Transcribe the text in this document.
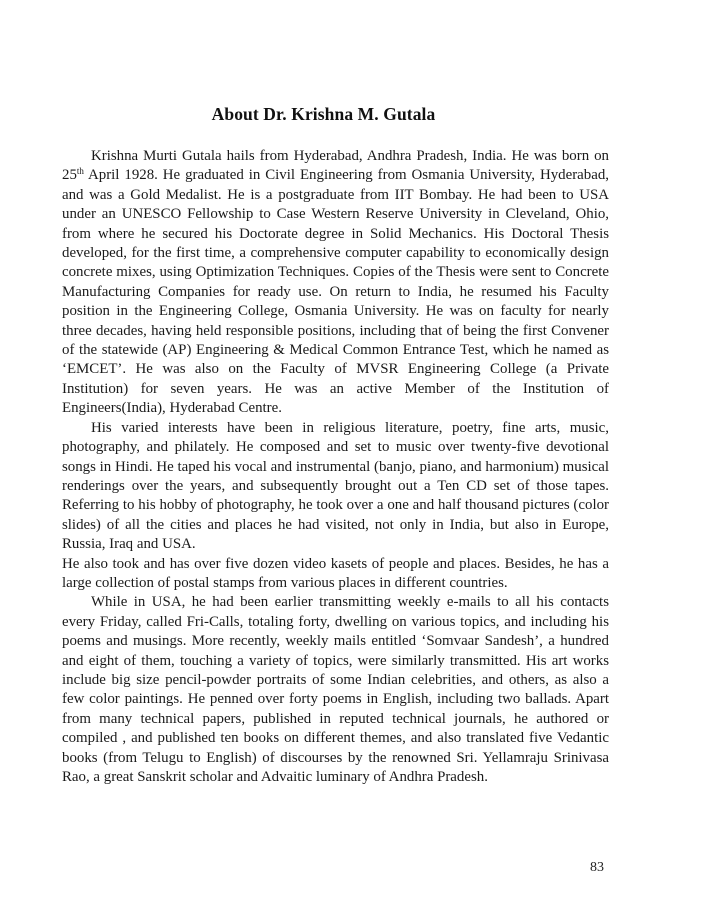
About Dr. Krishna M. Gutala

Krishna Murti Gutala hails from Hyderabad, Andhra Pradesh, India. He was born on 25th April 1928. He graduated in Civil Engineering from Osmania University, Hyderabad, and was a Gold Medalist. He is a postgraduate from IIT Bombay. He had been to USA under an UNESCO Fellowship to Case Western Reserve University in Cleveland, Ohio, from where he secured his Doctorate degree in Solid Mechanics. His Doctoral Thesis developed, for the first time, a comprehensive computer capability to economically design concrete mixes, using Optimization Techniques. Copies of the Thesis were sent to Concrete Manufacturing Companies for ready use. On return to India, he resumed his Faculty position in the Engineering College, Osmania University. He was on faculty for nearly three decades, having held responsible positions, including that of being the first Convener of the statewide (AP) Engineering & Medical Common Entrance Test, which he named as ‘EMCET’. He was also on the Faculty of MVSR Engineering College (a Private Institution) for seven years. He was an active Member of the Institution of Engineers(India), Hyderabad Centre.

His varied interests have been in religious literature, poetry, fine arts, music, photography, and philately. He composed and set to music over twenty-five devotional songs in Hindi. He taped his vocal and instrumental (banjo, piano, and harmonium) musical renderings over the years, and subsequently brought out a Ten CD set of those tapes. Referring to his hobby of photography, he took over a one and half thousand pictures (color slides) of all the cities and places he had visited, not only in India, but also in Europe, Russia, Iraq and USA.

He also took and has over five dozen video kasets of people and places. Besides, he has a large collection of postal stamps from various places in different countries.

While in USA, he had been earlier transmitting weekly e-mails to all his contacts every Friday, called Fri-Calls, totaling forty, dwelling on various topics, and including his poems and musings. More recently, weekly mails entitled ‘Somvaar Sandesh’, a hundred and eight of them, touching a variety of topics, were similarly transmitted. His art works include big size pencil-powder portraits of some Indian celebrities, and others, as also a few color paintings. He penned over forty poems in English, including two ballads. Apart from many technical papers, published in reputed technical journals, he authored or compiled , and published ten books on different themes, and also translated five Vedantic books (from Telugu to English) of discourses by the renowned Sri. Yellamraju Srinivasa Rao, a great Sanskrit scholar and Advaitic luminary of Andhra Pradesh.

83
